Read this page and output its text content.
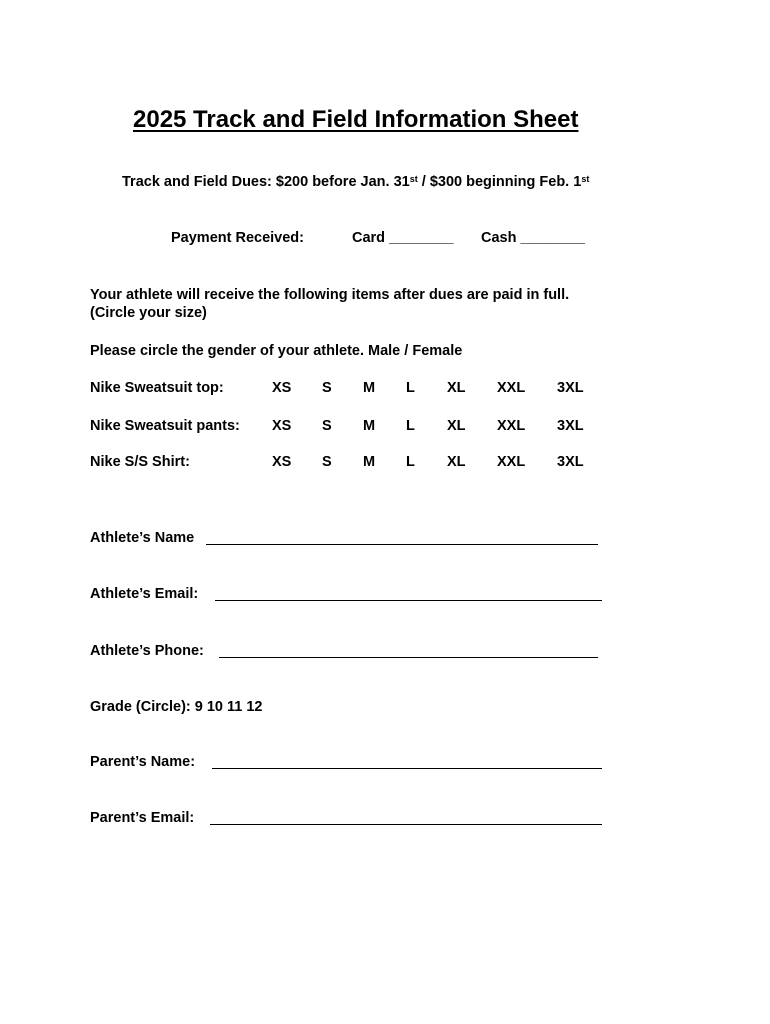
2025 Track and Field Information Sheet
Track and Field Dues: $200 before Jan. 31st / $300 beginning Feb. 1st
Payment Received:	Card ________ Cash ________
Your athlete will receive the following items after dues are paid in full.
(Circle your size)
Please circle the gender of your athlete. Male / Female
Nike Sweatsuit top:	XS S M L XL XXL 3XL
Nike Sweatsuit pants: XS S M L XL XXL 3XL
Nike S/S Shirt:	XS S M L XL XXL 3XL
Athlete’s Name
Athlete’s Email:
Athlete’s Phone:
Grade (Circle): 9 10 11 12
Parent’s Name:
Parent’s Email:
